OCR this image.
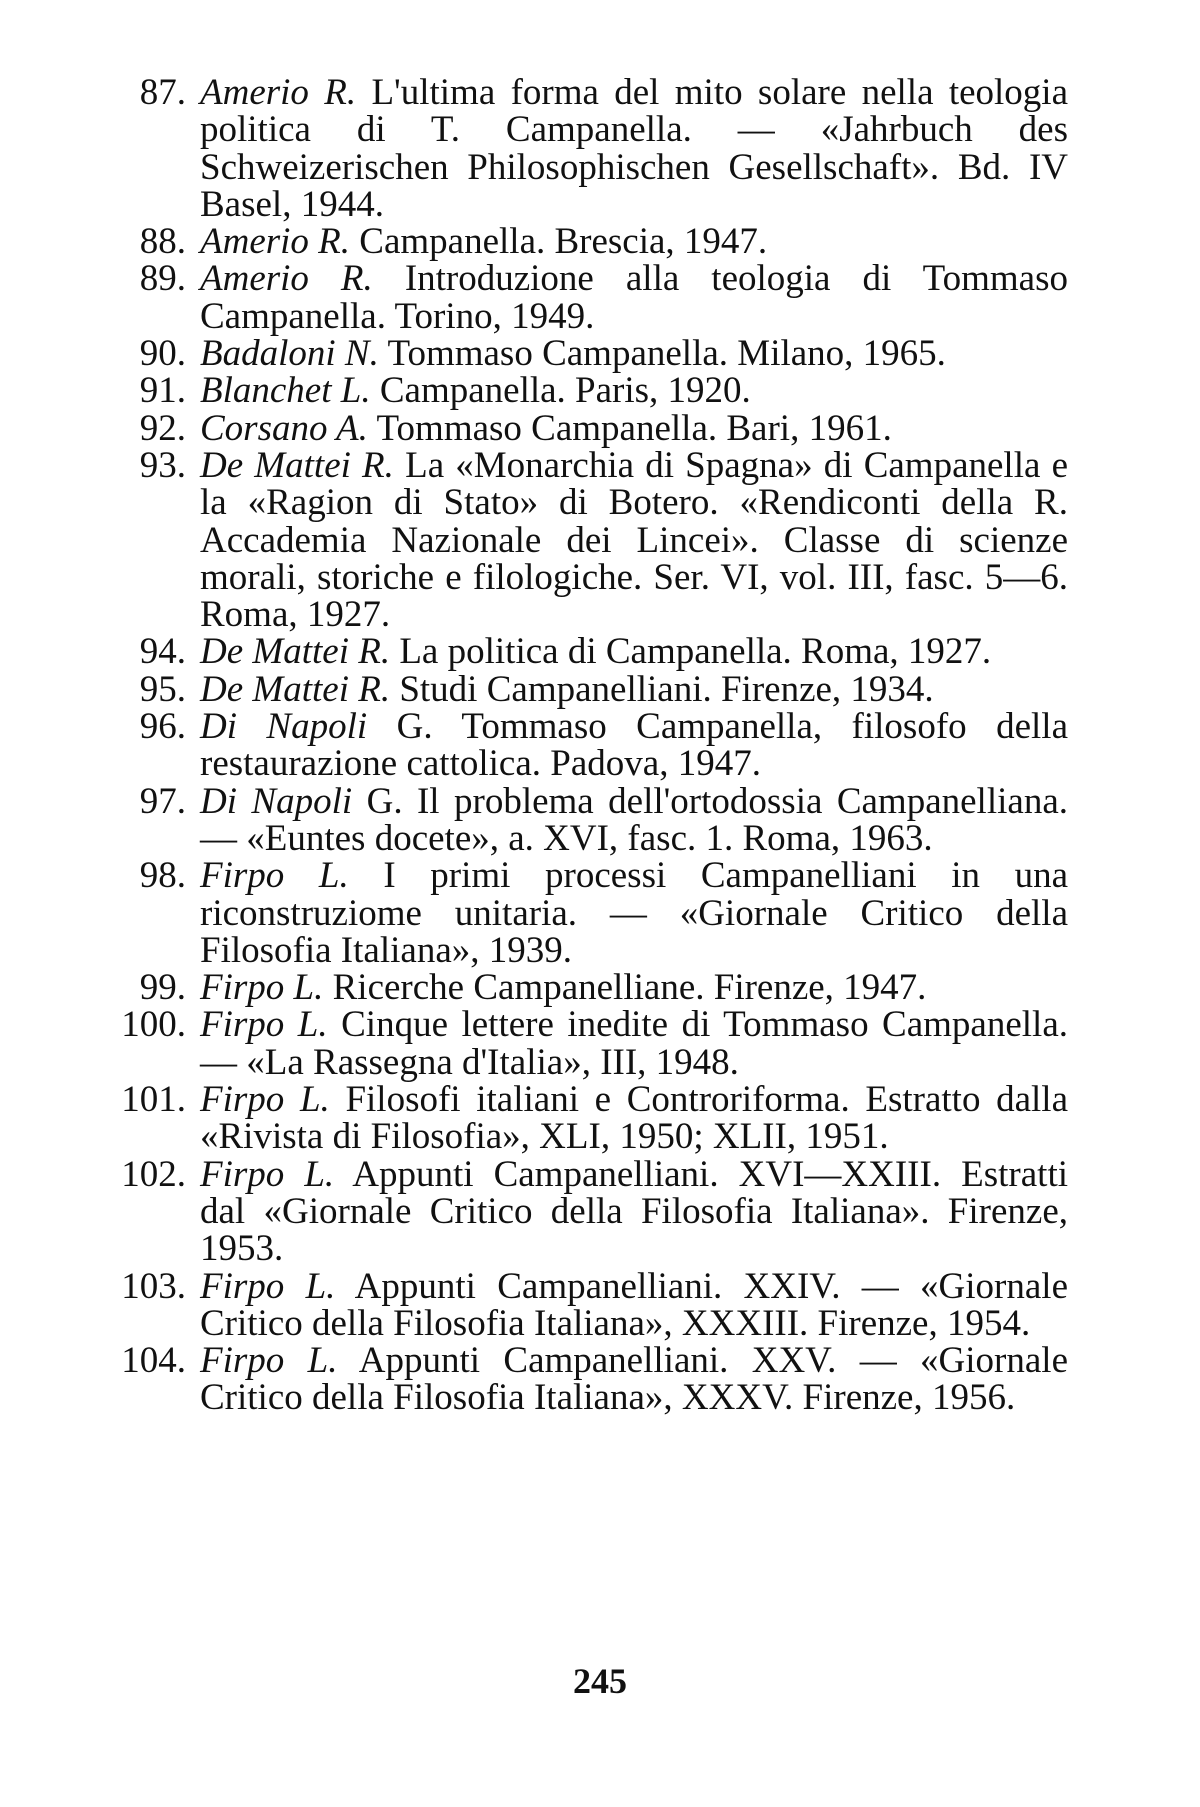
87. Amerio R. L'ultima forma del mito solare nella teologia politica di T. Campanella. — «Jahrbuch des Schweizerischen Philosophischen Gesellschaft». Bd. IV Basel, 1944.
88. Amerio R. Campanella. Brescia, 1947.
89. Amerio R. Introduzione alla teologia di Tommaso Campanella. Torino, 1949.
90. Badaloni N. Tommaso Campanella. Milano, 1965.
91. Blanchet L. Campanella. Paris, 1920.
92. Corsano A. Tommaso Campanella. Bari, 1961.
93. De Mattei R. La «Monarchia di Spagna» di Campanella e la «Ragion di Stato» di Botero. «Rendiconti della R. Accademia Nazionale dei Lincei». Classe di scienze morali, storiche e filologiche. Ser. VI, vol. III, fasc. 5—6. Roma, 1927.
94. De Mattei R. La politica di Campanella. Roma, 1927.
95. De Mattei R. Studi Campanelliani. Firenze, 1934.
96. Di Napoli G. Tommaso Campanella, filosofo della restaurazione cattolica. Padova, 1947.
97. Di Napoli G. Il problema dell'ortodossia Campanelliana. — «Euntes docete», a. XVI, fasc. 1. Roma, 1963.
98. Firpo L. I primi processi Campanelliani in una riconstruziome unitaria. — «Giornale Critico della Filosofia Italiana», 1939.
99. Firpo L. Ricerche Campanelliane. Firenze, 1947.
100. Firpo L. Cinque lettere inedite di Tommaso Campanella. — «La Rassegna d'Italia», III, 1948.
101. Firpo L. Filosofi italiani e Controriforma. Estratto dalla «Rivista di Filosofia», XLI, 1950; XLII, 1951.
102. Firpo L. Appunti Campanelliani. XVI—XXIII. Estratti dal «Giornale Critico della Filosofia Italiana». Firenze, 1953.
103. Firpo L. Appunti Campanelliani. XXIV. — «Giornale Critico della Filosofia Italiana», XXXIII. Firenze, 1954.
104. Firpo L. Appunti Campanelliani. XXV. — «Giornale Critico della Filosofia Italiana», XXXV. Firenze, 1956.
245
